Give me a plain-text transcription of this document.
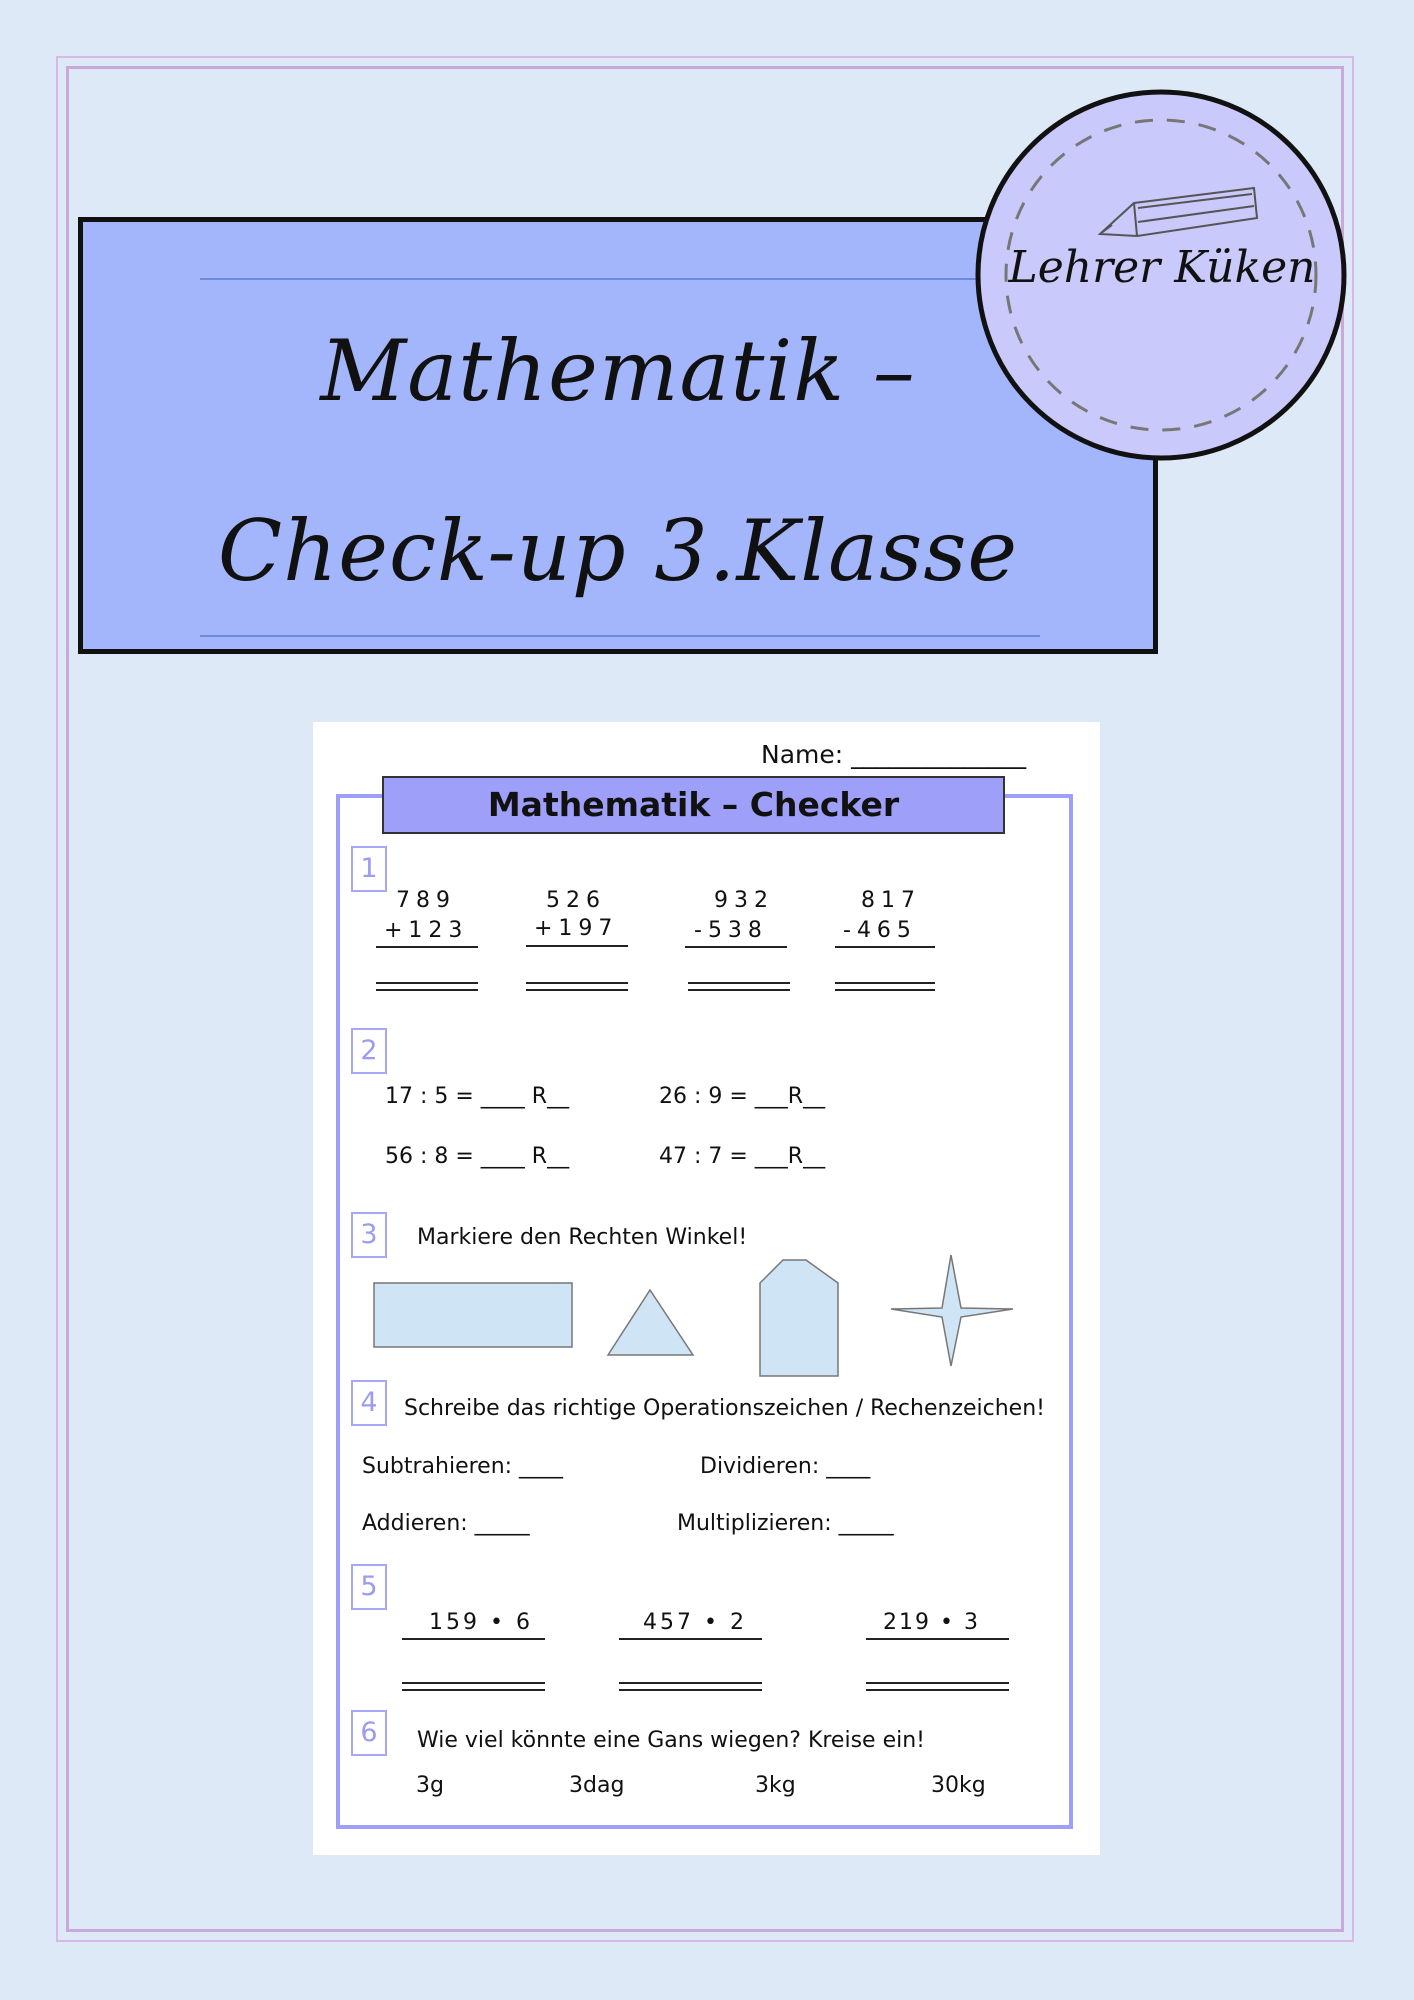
Mathematik –
Check-up 3.Klasse
Lehrer Küken
Name: ______________
Mathematik – Checker
1
789
+123
526
+197
932
-538
817
-465
2
17 : 5 = ____ R__	26 : 9 = ___R__
56 : 8 = ____ R__	47 : 7 = ___R__
3	Markiere den Rechten Winkel!
4	Schreibe das richtige Operationszeichen / Rechenzeichen!
Subtrahieren: ____	Dividieren: ____
Addieren: _____	Multiplizieren: _____
5
159 • 6	457 • 2	219 • 3
6	Wie viel könnte eine Gans wiegen? Kreise ein!
3g	3dag	3kg	30kg
